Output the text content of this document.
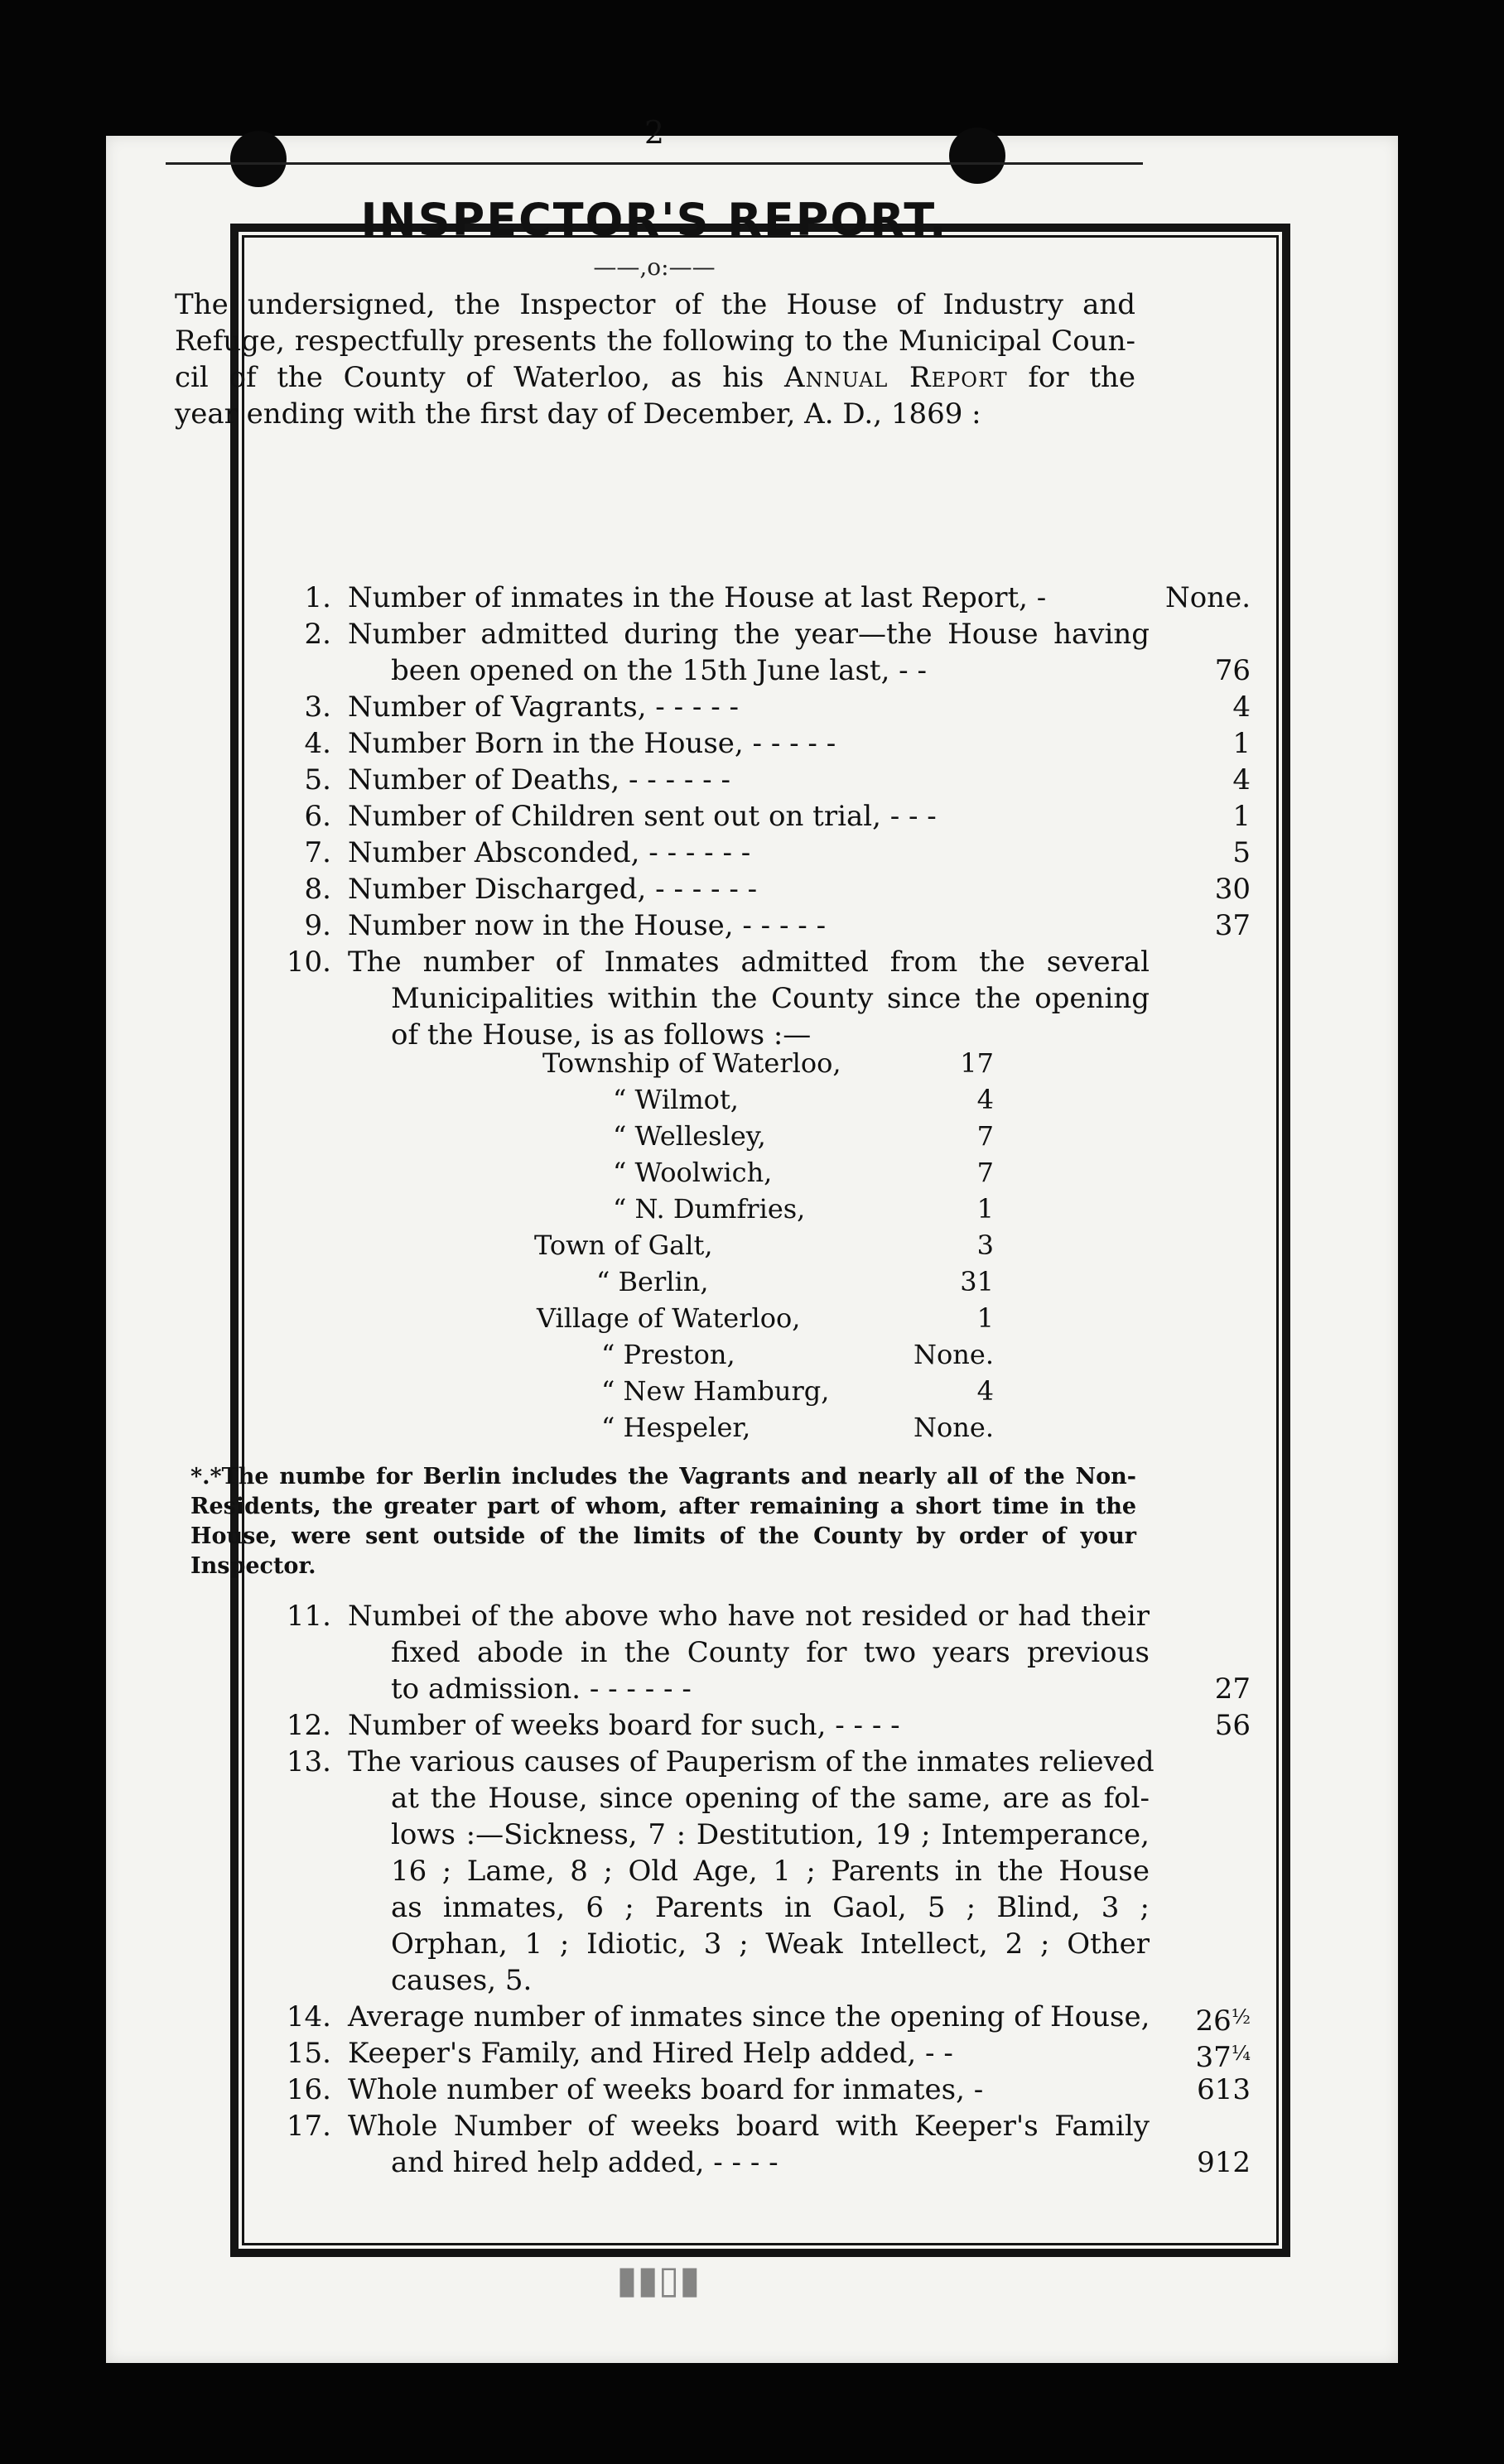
2
INSPECTOR'S REPORT.
——,o:——
The undersigned, the Inspector of the House of Industry and
Refuge, respectfully presents the following to the Municipal Coun-
cil of the County of Waterloo, as his Annual Report for the
year ending with the first day of December, A. D., 1869 :
1. Number of inmates in the House at last Report, -	None.
2. Number admitted during the year—the House having
been opened on the 15th June last, - -	76
3. Number of Vagrants, - - - - -	4
4. Number Born in the House, - - - - -	1
5. Number of Deaths, - - - - - -	4
6. Number of Children sent out on trial, - - -	1
7. Number Absconded, - - - - - -	5
8. Number Discharged, - - - - - -	30
9. Number now in the House, - - - - -	37
10. The number of Inmates admitted from the several
Municipalities within the County since the opening
of the House, is as follows :—
Township of Waterloo,	17
“ Wilmot,	4
“ Wellesley,	7
“ Woolwich,	7
“ N. Dumfries,	1
Town of Galt,	3
“ Berlin,	31
Village of Waterloo,	1
“ Preston,	None.
“ New Hamburg,	4
“ Hespeler,	None.
*.*The numbe for Berlin includes the Vagrants and nearly all of the Non-
Residents, the greater part of whom, after remaining a short time in the
House, were sent outside of the limits of the County by order of your
Inspector.
11. Numbei of the above who have not resided or had their
fixed abode in the County for two years previous
to admission. - - - - - -	27
12. Number of weeks board for such, - - - -	56
13. The various causes of Pauperism of the inmates relieved
at the House, since opening of the same, are as fol-
lows :—Sickness, 7 : Destitution, 19 ; Intemperance,
16 ; Lame, 8 ; Old Age, 1 ; Parents in the House
as inmates, 6 ; Parents in Gaol, 5 ; Blind, 3 ;
Orphan, 1 ; Idiotic, 3 ; Weak Intellect, 2 ; Other
causes, 5.
14. Average number of inmates since the opening of House,	$26^{\frac{1}{2}}$
15. Keeper's Family, and Hired Help added, - -	$37^{\frac{1}{4}}$
16. Whole number of weeks board for inmates, -	613
17. Whole Number of weeks board with Keeper's Family
and hired help added, - - - -	912
▮▮▯▮
